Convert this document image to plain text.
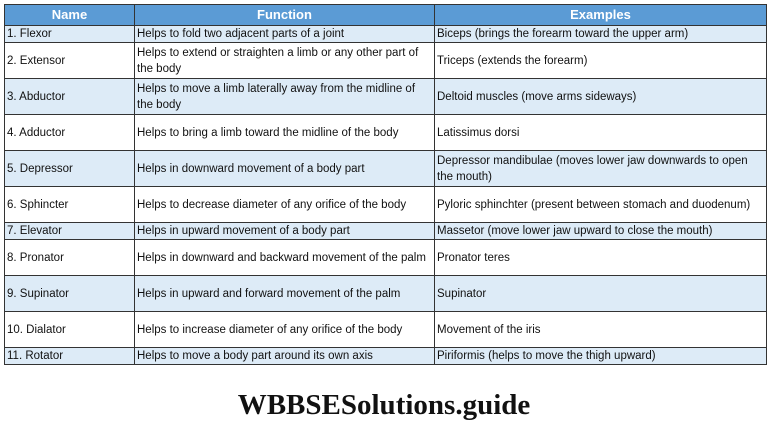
Name	Function	Examples
1. Flexor	Helps to fold two adjacent parts of a joint	Biceps (brings the forearm toward the upper arm)
2. Extensor	Helps to extend or straighten a limb or any other part of the body	Triceps (extends the forearm)
3. Abductor	Helps to move a limb laterally away from the midline of the body	Deltoid muscles (move arms sideways)
4. Adductor	Helps to bring a limb toward the midline of the body	Latissimus dorsi
5. Depressor	Helps in downward movement of a body part	Depressor mandibulae (moves lower jaw downwards to open the mouth)
6. Sphincter	Helps to decrease diameter of any orifice of the body	Pyloric sphinchter (present between stomach and duodenum)
7. Elevator	Helps in upward movement of a body part	Massetor (move lower jaw upward to close the mouth)
8. Pronator	Helps in downward and backward movement of the palm	Pronator teres
9. Supinator	Helps in upward and forward movement of the palm	Supinator
10. Dialator	Helps to increase diameter of any orifice of the body	Movement of the iris
11. Rotator	Helps to move a body part around its own axis	Piriformis (helps to move the thigh upward)
WBBSESolutions.guide
